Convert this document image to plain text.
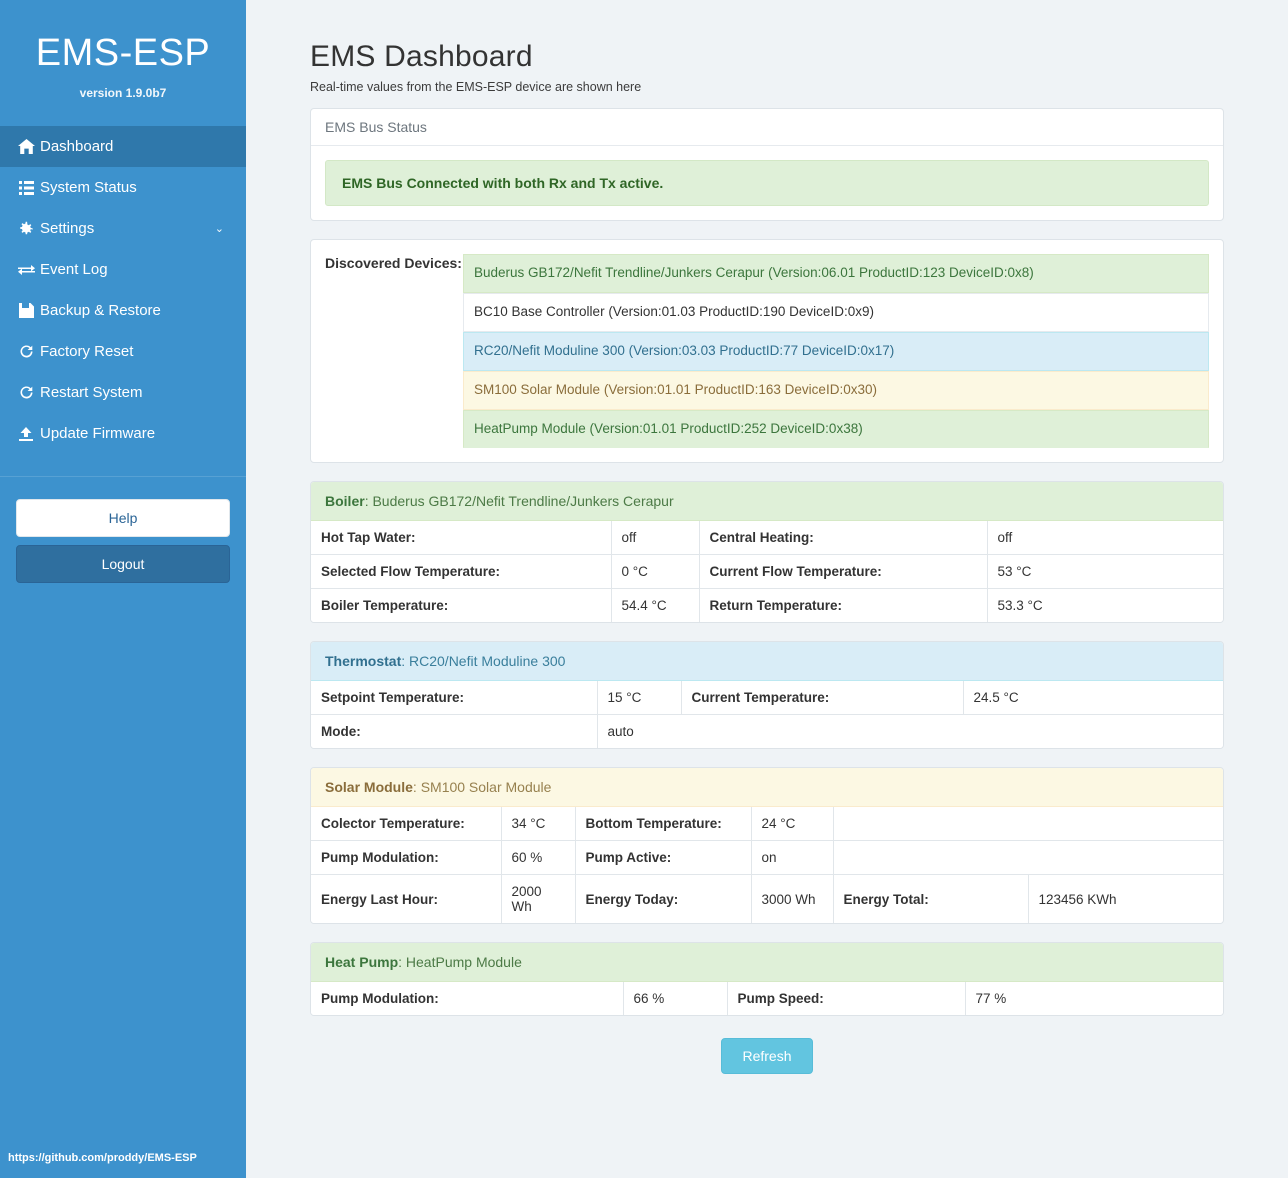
EMS-ESP
version 1.9.0b7
Dashboard
System Status
Settings	⌄
Event Log
Backup & Restore
Factory Reset
Restart System
Update Firmware
Help
Logout
https://github.com/proddy/EMS-ESP
EMS Dashboard
Real-time values from the EMS-ESP device are shown here
EMS Bus Status
EMS Bus Connected with both Rx and Tx active.
Discovered Devices:
Buderus GB172/Nefit Trendline/Junkers Cerapur (Version:06.01 ProductID:123 DeviceID:0x8)
BC10 Base Controller (Version:01.03 ProductID:190 DeviceID:0x9)
RC20/Nefit Moduline 300 (Version:03.03 ProductID:77 DeviceID:0x17)
SM100 Solar Module (Version:01.01 ProductID:163 DeviceID:0x30)
HeatPump Module (Version:01.01 ProductID:252 DeviceID:0x38)
Boiler: Buderus GB172/Nefit Trendline/Junkers Cerapur
Hot Tap Water:	off	Central Heating:	off
Selected Flow Temperature:	0 °C	Current Flow Temperature:	53 °C
Boiler Temperature:	54.4 °C	Return Temperature:	53.3 °C
Thermostat: RC20/Nefit Moduline 300
Setpoint Temperature:	15 °C	Current Temperature:	24.5 °C
Mode:	auto		
Solar Module: SM100 Solar Module
Colector Temperature:	34 °C	Bottom Temperature:	24 °C		
Pump Modulation:	60 %	Pump Active:	on		
Energy Last Hour:	2000 Wh	Energy Today:	3000 Wh	Energy Total:	123456 KWh
Heat Pump: HeatPump Module
Pump Modulation:	66 %	Pump Speed:	77 %
Refresh
